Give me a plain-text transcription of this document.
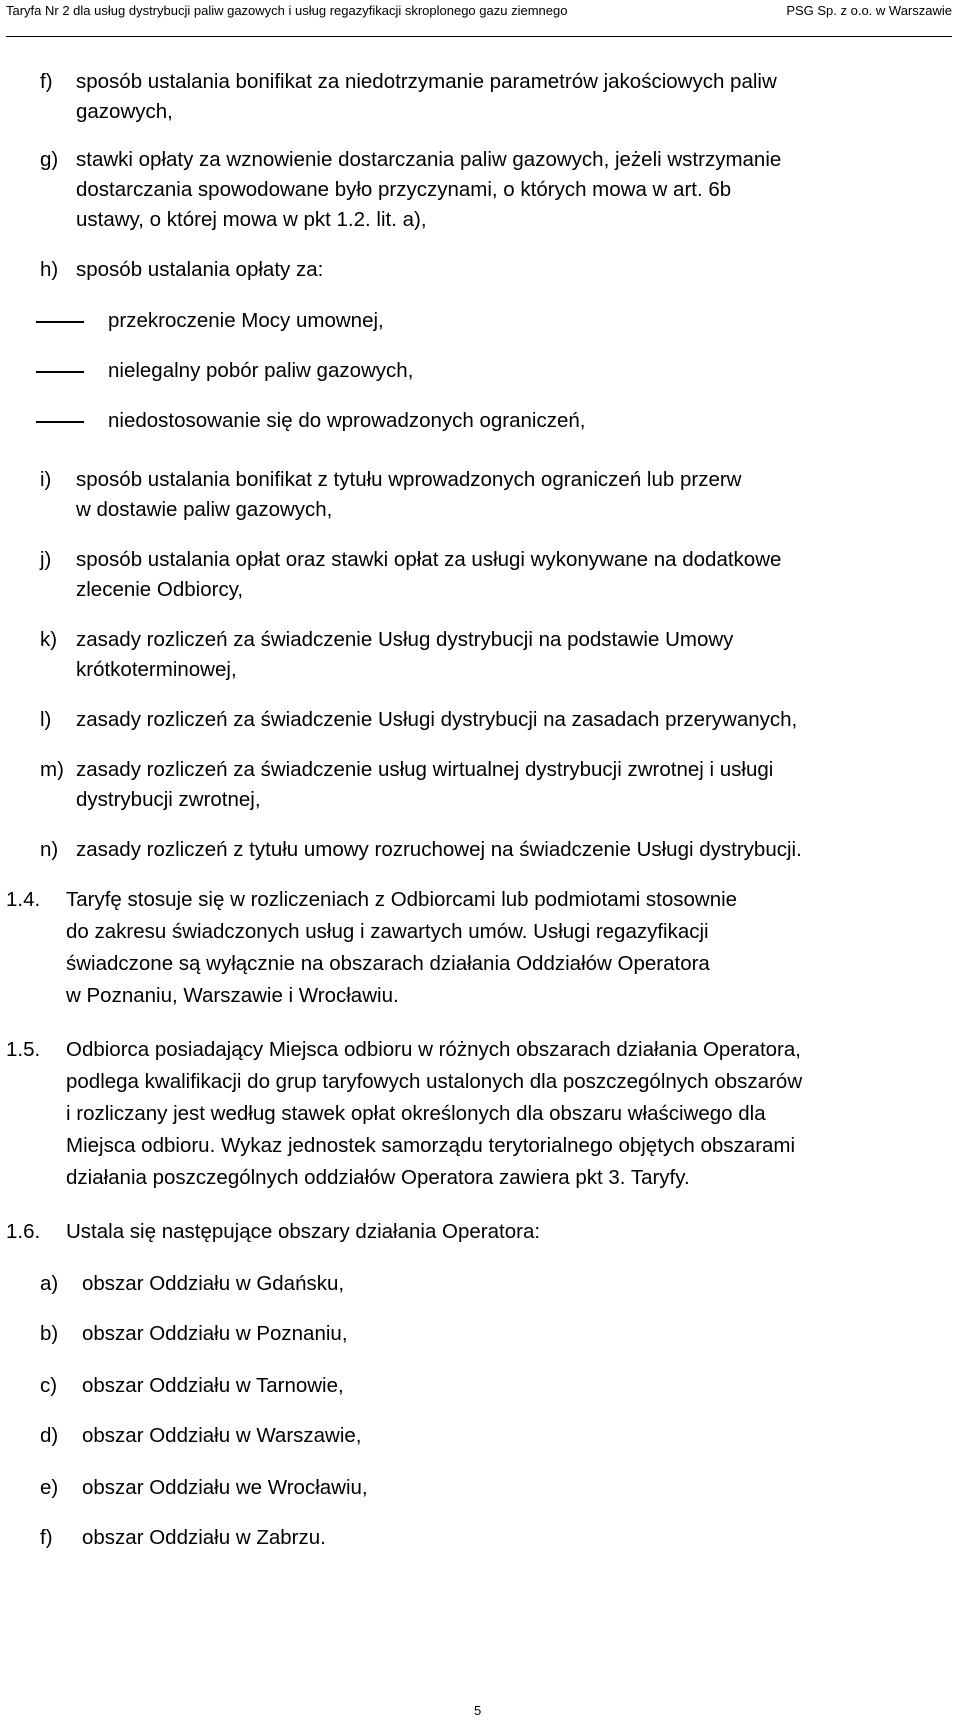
Taryfa Nr 2 dla usług dystrybucji paliw gazowych i usług regazyfikacji skroplonego gazu ziemnego	PSG Sp. z o.o. w Warszawie
f) sposób ustalania bonifikat za niedotrzymanie parametrów jakościowych paliw
gazowych,
g) stawki opłaty za wznowienie dostarczania paliw gazowych, jeżeli wstrzymanie
dostarczania spowodowane było przyczynami, o których mowa w art. 6b
ustawy, o której mowa w pkt 1.2. lit. a),
h) sposób ustalania opłaty za:
przekroczenie Mocy umownej,
nielegalny pobór paliw gazowych,
niedostosowanie się do wprowadzonych ograniczeń,
i) sposób ustalania bonifikat z tytułu wprowadzonych ograniczeń lub przerw
w dostawie paliw gazowych,
j) sposób ustalania opłat oraz stawki opłat za usługi wykonywane na dodatkowe
zlecenie Odbiorcy,
k) zasady rozliczeń za świadczenie Usług dystrybucji na podstawie Umowy
krótkoterminowej,
l) zasady rozliczeń za świadczenie Usługi dystrybucji na zasadach przerywanych,
m) zasady rozliczeń za świadczenie usług wirtualnej dystrybucji zwrotnej i usługi
dystrybucji zwrotnej,
n) zasady rozliczeń z tytułu umowy rozruchowej na świadczenie Usługi dystrybucji.
1.4. Taryfę stosuje się w rozliczeniach z Odbiorcami lub podmiotami stosownie
do zakresu świadczonych usług i zawartych umów. Usługi regazyfikacji
świadczone są wyłącznie na obszarach działania Oddziałów Operatora
w Poznaniu, Warszawie i Wrocławiu.
1.5. Odbiorca posiadający Miejsca odbioru w różnych obszarach działania Operatora,
podlega kwalifikacji do grup taryfowych ustalonych dla poszczególnych obszarów
i rozliczany jest według stawek opłat określonych dla obszaru właściwego dla
Miejsca odbioru. Wykaz jednostek samorządu terytorialnego objętych obszarami
działania poszczególnych oddziałów Operatora zawiera pkt 3. Taryfy.
1.6. Ustala się następujące obszary działania Operatora:
a) obszar Oddziału w Gdańsku,
b) obszar Oddziału w Poznaniu,
c) obszar Oddziału w Tarnowie,
d) obszar Oddziału w Warszawie,
e) obszar Oddziału we Wrocławiu,
f) obszar Oddziału w Zabrzu.
5
